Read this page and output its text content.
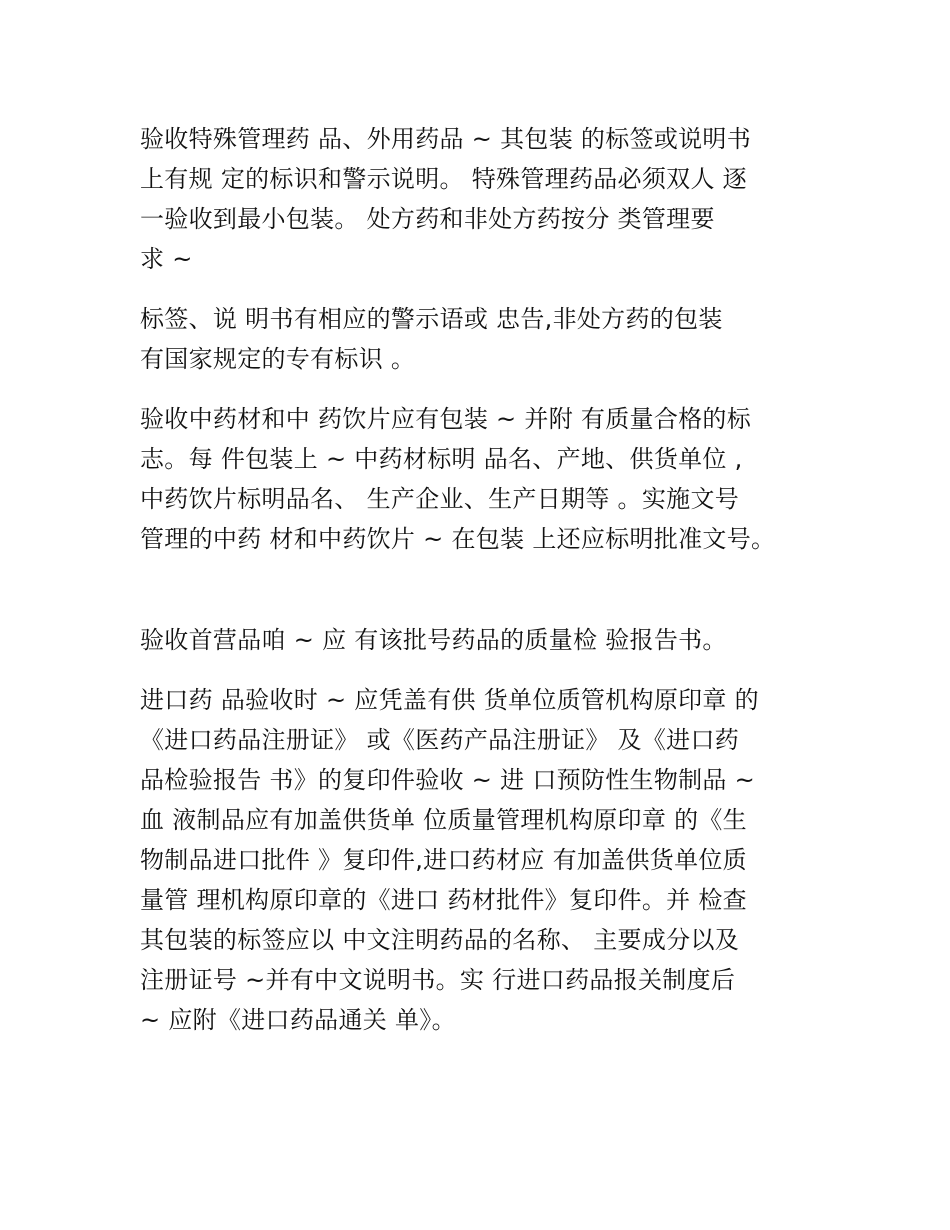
验收特殊管理药 品、外用药品 ~ 其包装 的标签或说明书
上有规 定的标识和警示说明。 特殊管理药品必须双人 逐
一验收到最小包装。 处方药和非处方药按分 类管理要
求 ~
标签、说 明书有相应的警示语或 忠告,非处方药的包装
有国家规定的专有标识 。
验收中药材和中 药饮片应有包装 ~ 并附 有质量合格的标
志。每 件包装上 ~ 中药材标明 品名、产地、供货单位 ,
中药饮片标明品名、 生产企业、生产日期等 。实施文号
管理的中药 材和中药饮片 ~ 在包装 上还应标明批准文号。
验收首营品咱 ~ 应 有该批号药品的质量检 验报告书。
进口药 品验收时 ~ 应凭盖有供 货单位质管机构原印章 的
《进口药品注册证》 或《医药产品注册证》 及《进口药
品检验报告 书》的复印件验收 ~ 进 口预防性生物制品 ~
血 液制品应有加盖供货单 位质量管理机构原印章 的《生
物制品进口批件 》复印件,进口药材应 有加盖供货单位质
量管 理机构原印章的《进口 药材批件》复印件。并 检查
其包装的标签应以 中文注明药品的名称、 主要成分以及
注册证号 ~并有中文说明书。实 行进口药品报关制度后
~ 应附《进口药品通关 单》。
